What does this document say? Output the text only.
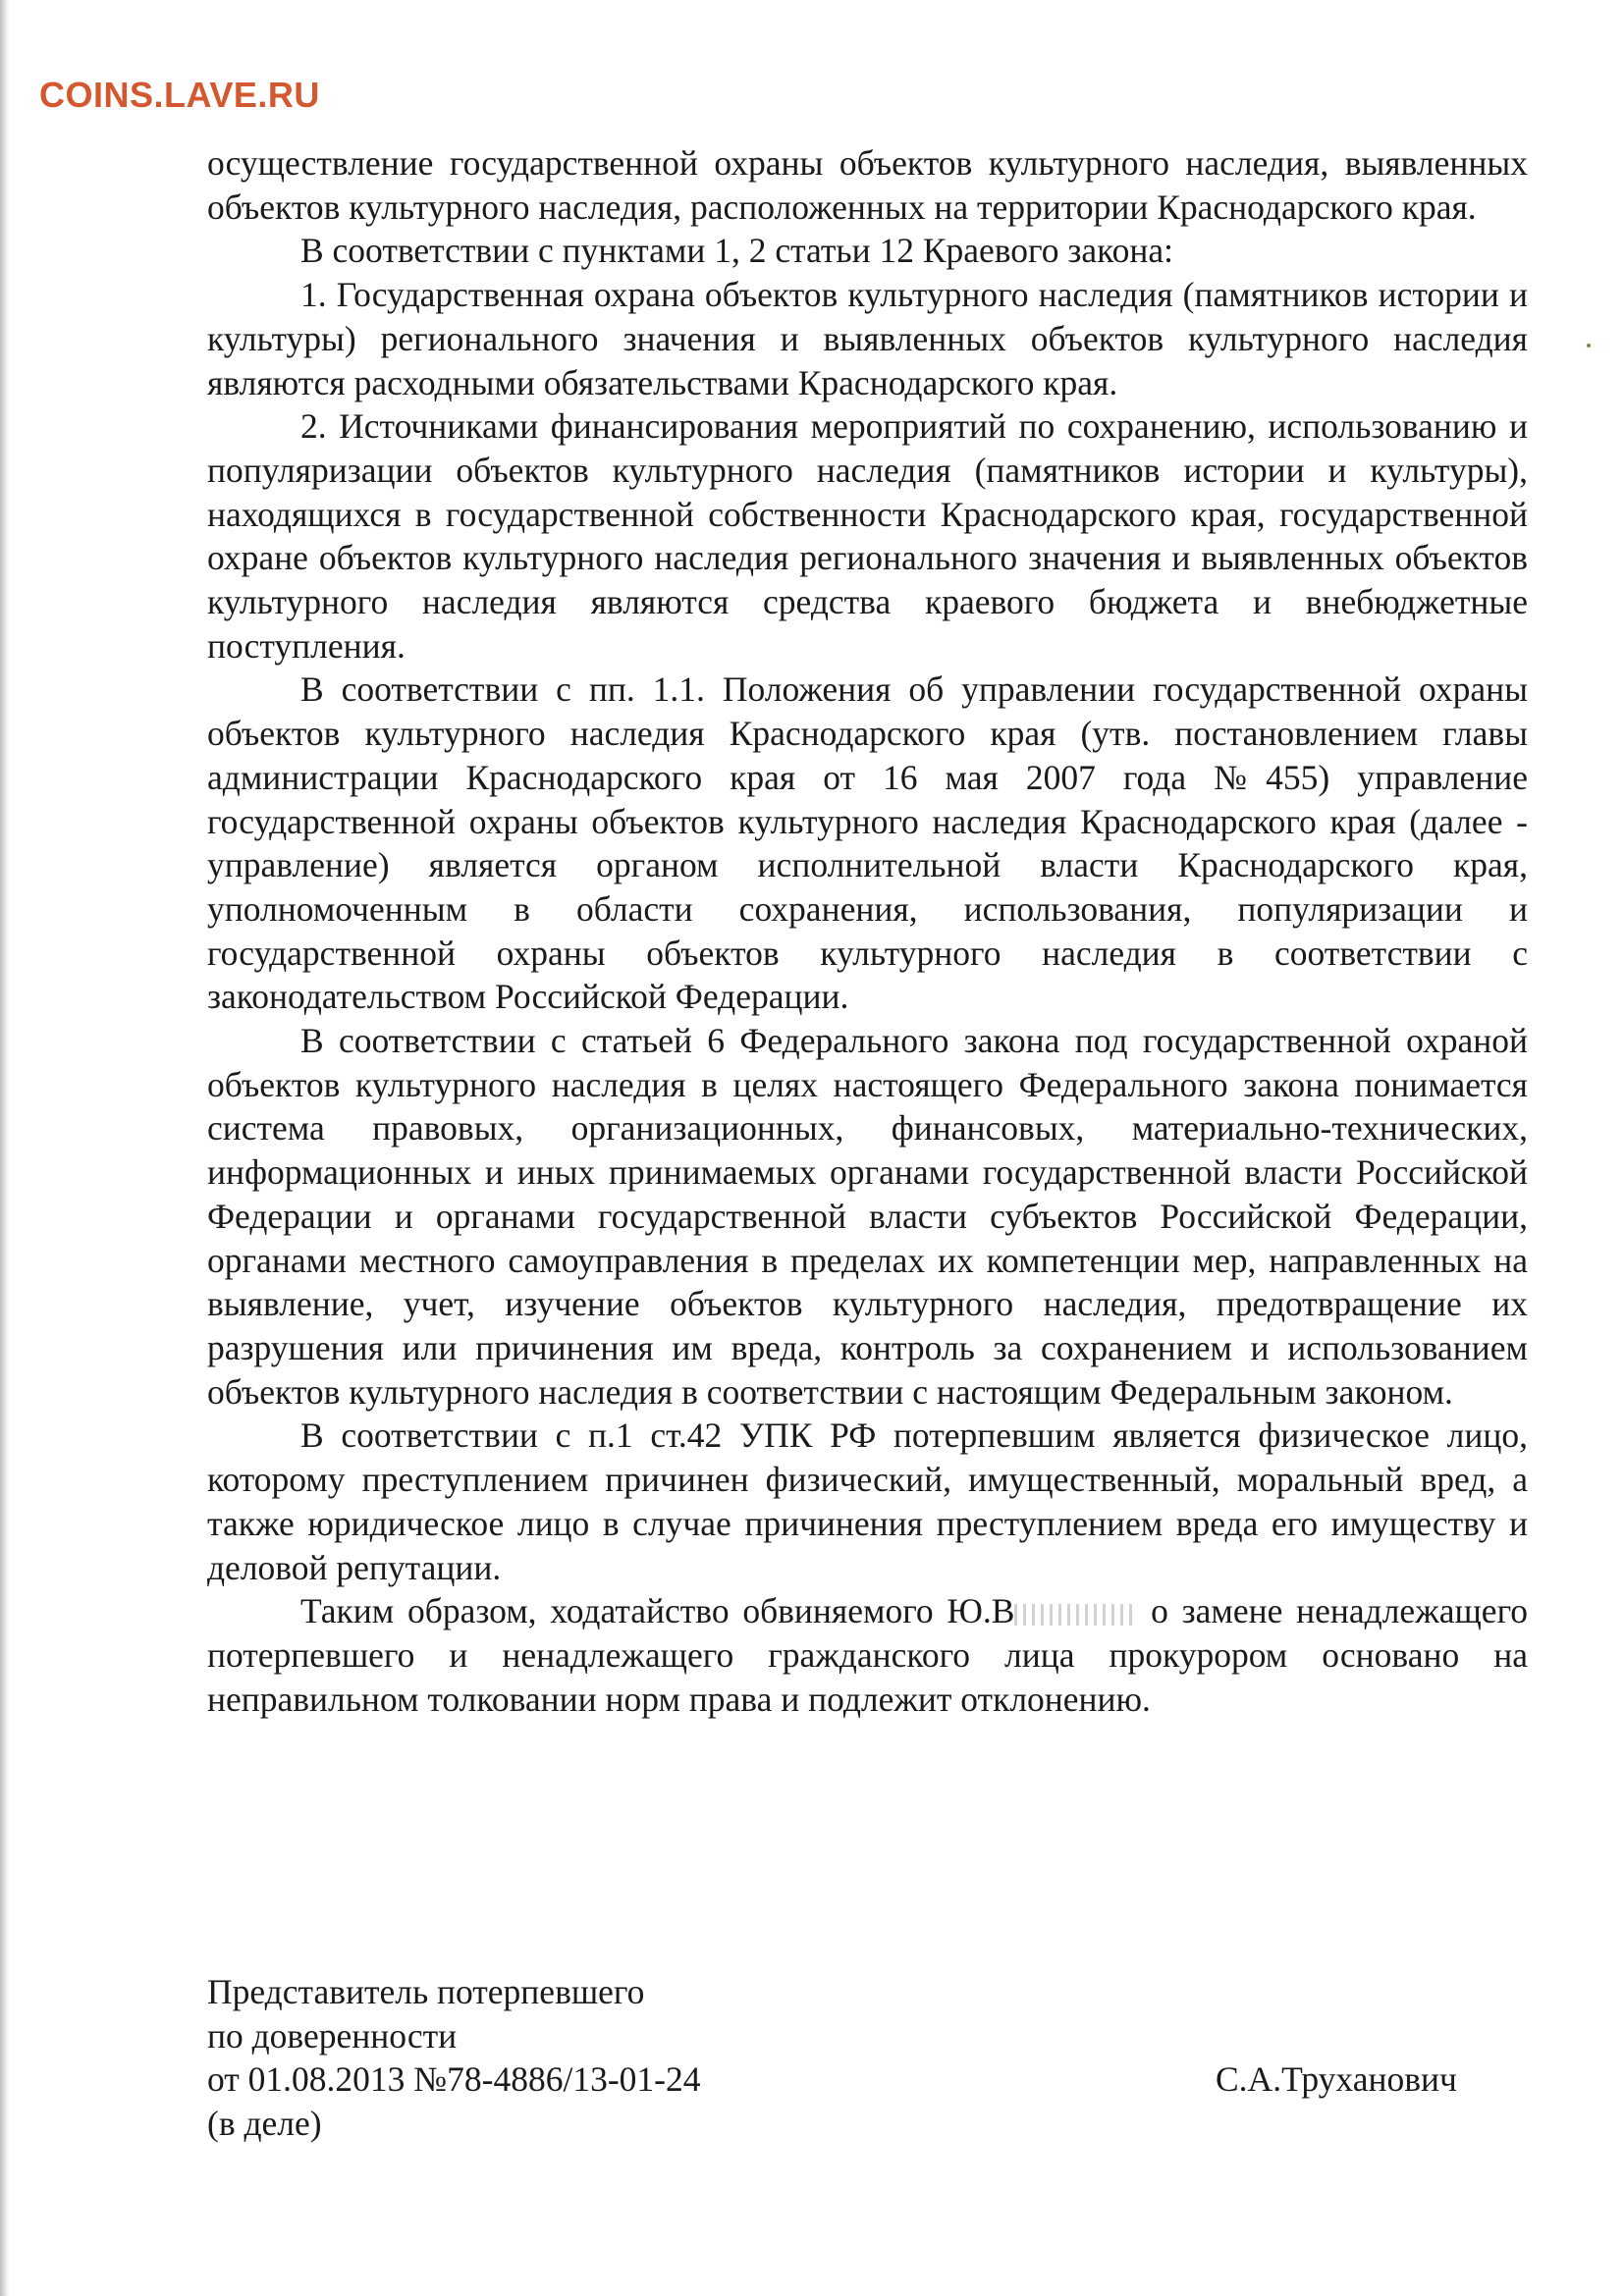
COINS.LAVE.RU

осуществление государственной охраны объектов культурного наследия, выявленных объектов культурного наследия, расположенных на территории Краснодарского края.

В соответствии с пунктами 1, 2 статьи 12 Краевого закона:

1. Государственная охрана объектов культурного наследия (памятников истории и культуры) регионального значения и выявленных объектов культурного наследия являются расходными обязательствами Краснодарского края.

2. Источниками финансирования мероприятий по сохранению, использованию и популяризации объектов культурного наследия (памятников истории и культуры), находящихся в государственной собственности Краснодарского края, государственной охране объектов культурного наследия регионального значения и выявленных объектов культурного наследия являются средства краевого бюджета и внебюджетные поступления.

В соответствии с пп. 1.1. Положения об управлении государственной охраны объектов культурного наследия Краснодарского края (утв. постановлением главы администрации Краснодарского края от 16 мая 2007 года №455) управление государственной охраны объектов культурного наследия Краснодарского края (далее - управление) является органом исполнительной власти Краснодарского края, уполномоченным в области сохранения, использования, популяризации и государственной охраны объектов культурного наследия в соответствии с законодательством Российской Федерации.

В соответствии с статьей 6 Федерального закона под государственной охраной объектов культурного наследия в целях настоящего Федерального закона понимается система правовых, организационных, финансовых, материально-технических, информационных и иных принимаемых органами государственной власти Российской Федерации и органами государственной власти субъектов Российской Федерации, органами местного самоуправления в пределах их компетенции мер, направленных на выявление, учет, изучение объектов культурного наследия, предотвращение их разрушения или причинения им вреда, контроль за сохранением и использованием объектов культурного наследия в соответствии с настоящим Федеральным законом.

В соответствии с п.1 ст.42 УПК РФ потерпевшим является физическое лицо, которому преступлением причинен физический, имущественный, моральный вред, а также юридическое лицо в случае причинения преступлением вреда его имуществу и деловой репутации.

Таким образом, ходатайство обвиняемого Ю.В	о замене ненадлежащего потерпевшего и ненадлежащего гражданского лица прокурором основано на неправильном толковании норм права и подлежит отклонению.

Представитель потерпевшего
по доверенности
от 01.08.2013 №78-4886/13-01-24
(в деле)
С.А.Труханович
